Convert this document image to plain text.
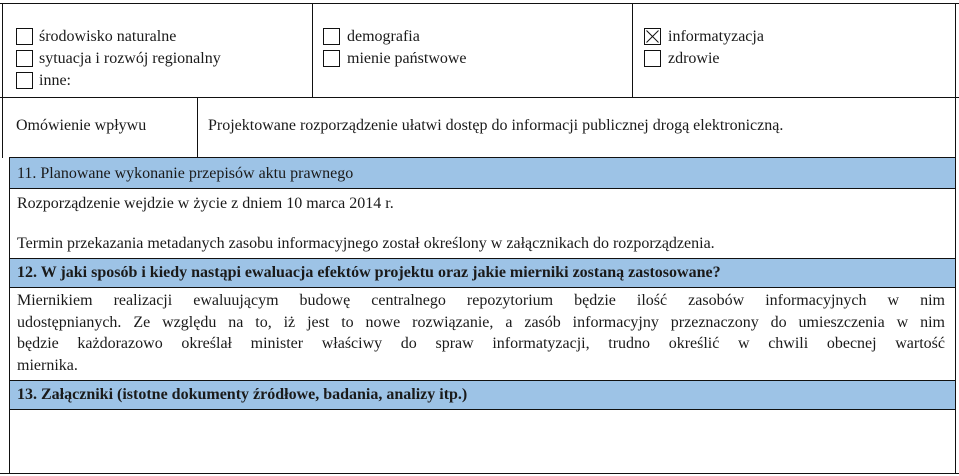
środowisko naturalne
sytuacja i rozwój regionalny
inne:
demografia
mienie państwowe
informatyzacja
zdrowie
Omówienie wpływu	Projektowane rozporządzenie ułatwi dostęp do informacji publicznej drogą elektroniczną.
11. Planowane wykonanie przepisów aktu prawnego
Rozporządzenie wejdzie w życie z dniem 10 marca 2014 r.
Termin przekazania metadanych zasobu informacyjnego został określony w załącznikach do rozporządzenia.
12. W jaki sposób i kiedy nastąpi ewaluacja efektów projektu oraz jakie mierniki zostaną zastosowane?
Miernikiem realizacji ewaluującym budowę centralnego repozytorium będzie ilość zasobów informacyjnych w nim
udostępnianych. Ze względu na to, iż jest to nowe rozwiązanie, a zasób informacyjny przeznaczony do umieszczenia w nim
będzie każdorazowo określał minister właściwy do spraw informatyzacji, trudno określić w chwili obecnej wartość
miernika.
13. Załączniki (istotne dokumenty źródłowe, badania, analizy itp.)
